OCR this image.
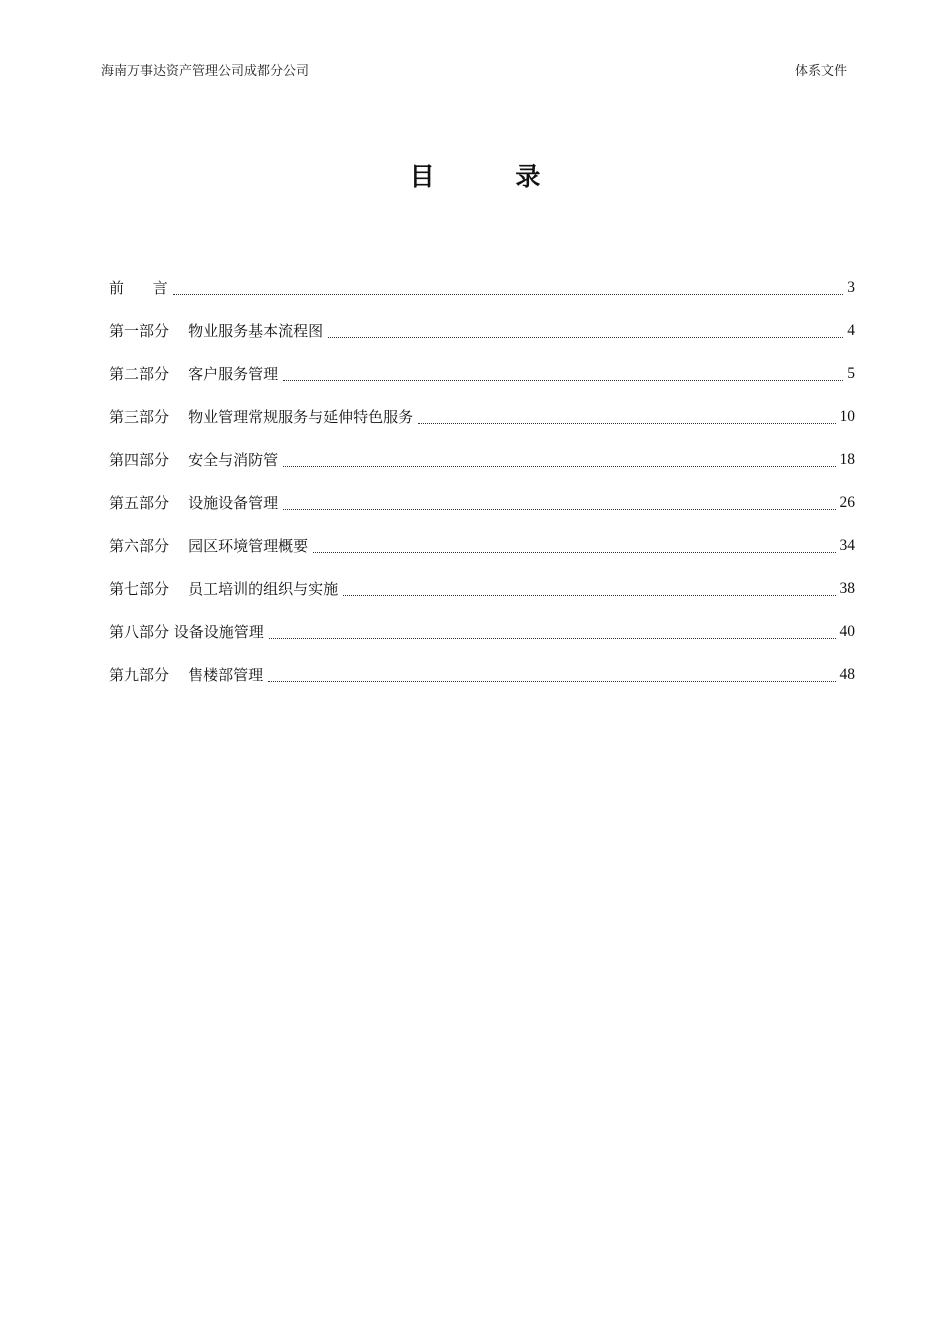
海南万事达资产管理公司成都分公司	体系文件
目 录
前      言	3
第一部分 物业服务基本流程图	4
第二部分 客户服务管理	5
第三部分 物业管理常规服务与延伸特色服务	10
第四部分 安全与消防管	18
第五部分 设施设备管理	26
第六部分 园区环境管理概要	34
第七部分 员工培训的组织与实施	38
第八部分 设备设施管理	40
第九部分 售楼部管理	48
